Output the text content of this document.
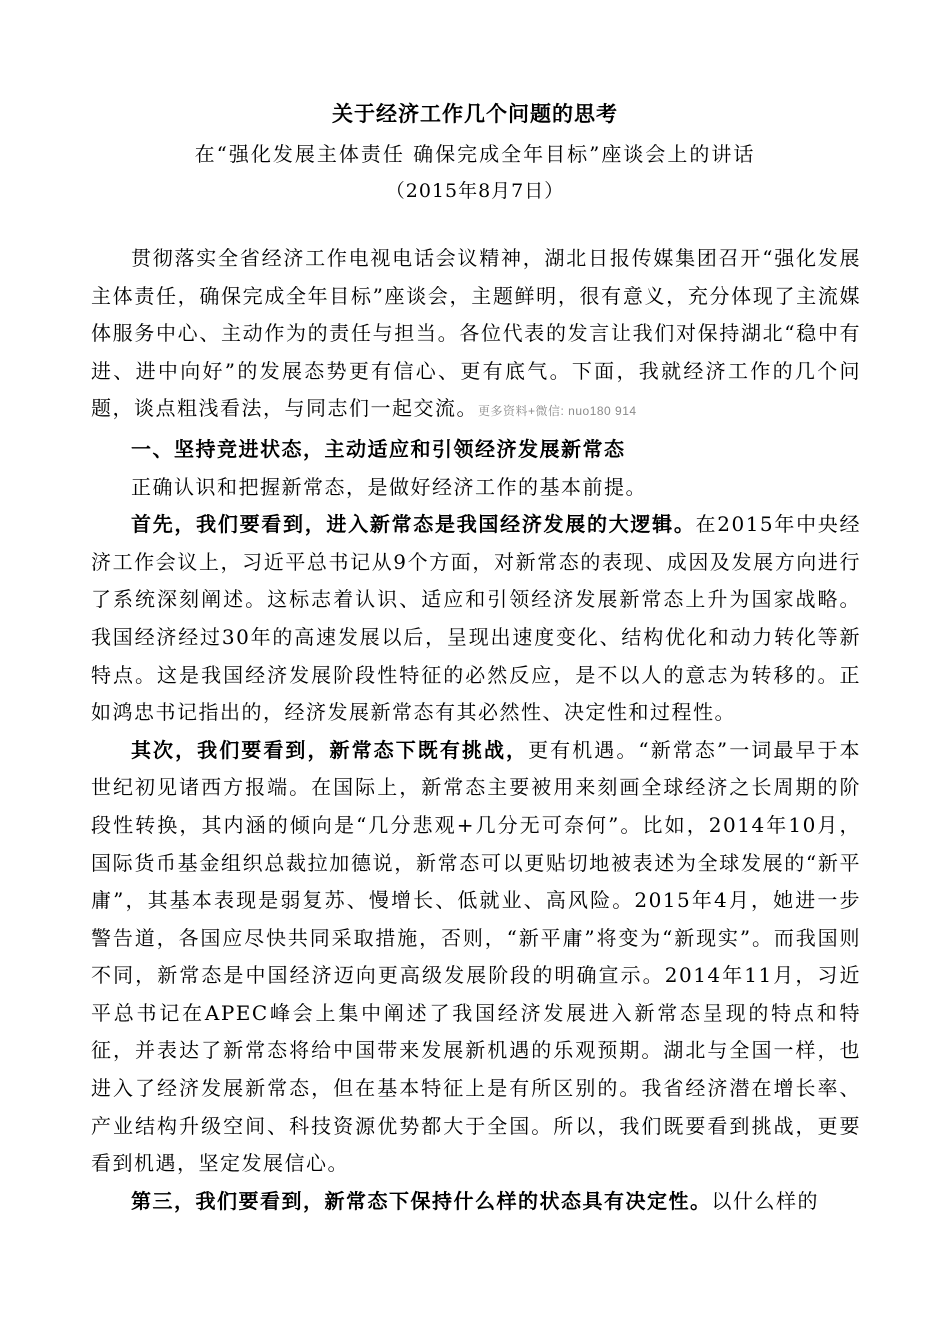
关于经济工作几个问题的思考
在“强化发展主体责任 确保完成全年目标”座谈会上的讲话
（2015年8月7日）

贯彻落实全省经济工作电视电话会议精神，湖北日报传媒集团召开“强化发展主体责任，确保完成全年目标”座谈会，主题鲜明，很有意义，充分体现了主流媒体服务中心、主动作为的责任与担当。各位代表的发言让我们对保持湖北“稳中有进、进中向好”的发展态势更有信心、更有底气。下面，我就经济工作的几个问题，谈点粗浅看法，与同志们一起交流。更多资料+微信: nuo180 914

一、坚持竞进状态，主动适应和引领经济发展新常态

正确认识和把握新常态，是做好经济工作的基本前提。

首先，我们要看到，进入新常态是我国经济发展的大逻辑。在2015年中央经济工作会议上，习近平总书记从9个方面，对新常态的表现、成因及发展方向进行了系统深刻阐述。这标志着认识、适应和引领经济发展新常态上升为国家战略。我国经济经过30年的高速发展以后，呈现出速度变化、结构优化和动力转化等新特点。这是我国经济发展阶段性特征的必然反应，是不以人的意志为转移的。正如鸿忠书记指出的，经济发展新常态有其必然性、决定性和过程性。

其次，我们要看到，新常态下既有挑战，更有机遇。“新常态”一词最早于本世纪初见诸西方报端。在国际上，新常态主要被用来刻画全球经济之长周期的阶段性转换，其内涵的倾向是“几分悲观+几分无可奈何”。比如，2014年10月，国际货币基金组织总裁拉加德说，新常态可以更贴切地被表述为全球发展的“新平庸”，其基本表现是弱复苏、慢增长、低就业、高风险。2015年4月，她进一步警告道，各国应尽快共同采取措施，否则，“新平庸”将变为“新现实”。而我国则不同，新常态是中国经济迈向更高级发展阶段的明确宣示。2014年11月，习近平总书记在APEC峰会上集中阐述了我国经济发展进入新常态呈现的特点和特征，并表达了新常态将给中国带来发展新机遇的乐观预期。湖北与全国一样，也进入了经济发展新常态，但在基本特征上是有所区别的。我省经济潜在增长率、产业结构升级空间、科技资源优势都大于全国。所以，我们既要看到挑战，更要看到机遇，坚定发展信心。

第三，我们要看到，新常态下保持什么样的状态具有决定性。以什么样的
